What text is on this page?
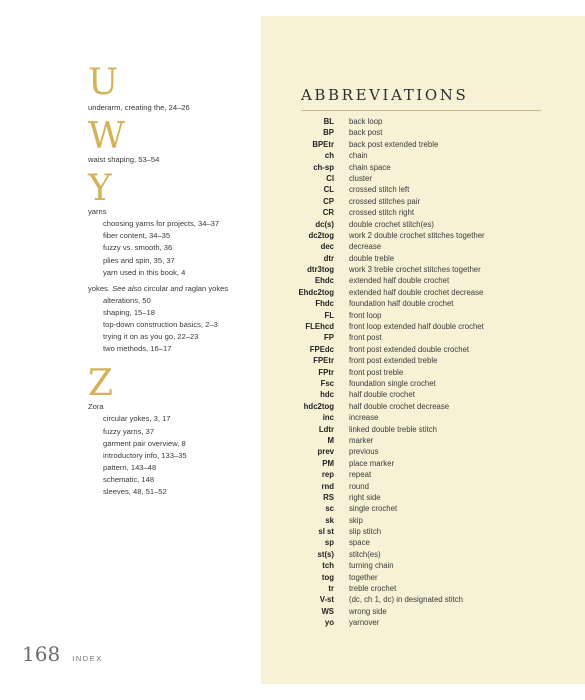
U
underarm, creating the, 24–26
W
waist shaping, 53–54
Y
yarns
choosing yarns for projects, 34–37
fiber content, 34–35
fuzzy vs. smooth, 36
plies and spin, 35, 37
yarn used in this book, 4
yokes. See also circular and raglan yokes
alterations, 50
shaping, 15–18
top-down construction basics, 2–3
trying it on as you go, 22–23
two methods, 16–17
Z
Zora
circular yokes, 3, 17
fuzzy yarns, 37
garment pair overview, 8
introductory info, 133–35
pattern, 143–48
schematic, 148
sleeves, 48, 51–52
ABBREVIATIONS
BL	back loop
BP	back post
BPEtr	back post extended treble
ch	chain
ch-sp	chain space
Cl	cluster
CL	crossed stitch left
CP	crossed stitches pair
CR	crossed stitch right
dc(s)	double crochet stitch(es)
dc2tog	work 2 double crochet stitches together
dec	decrease
dtr	double treble
dtr3tog	work 3 treble crochet stitches together
Ehdc	extended half double crochet
Ehdc2tog	extended half double crochet decrease
Fhdc	foundation half double crochet
FL	front loop
FLEhcd	front loop extended half double crochet
FP	front post
FPEdc	front post extended double crochet
FPEtr	front post extended treble
FPtr	front post treble
Fsc	foundation single crochet
hdc	half double crochet
hdc2tog	half double crochet decrease
inc	increase
Ldtr	linked double treble stitch
M	marker
prev	previous
PM	place marker
rep	repeat
rnd	round
RS	right side
sc	single crochet
sk	skip
sl st	slip stitch
sp	space
st(s)	stitch(es)
tch	turning chain
tog	together
tr	treble crochet
V-st	(dc, ch 1, dc) in designated stitch
WS	wrong side
yo	yarnover
168 INDEX
